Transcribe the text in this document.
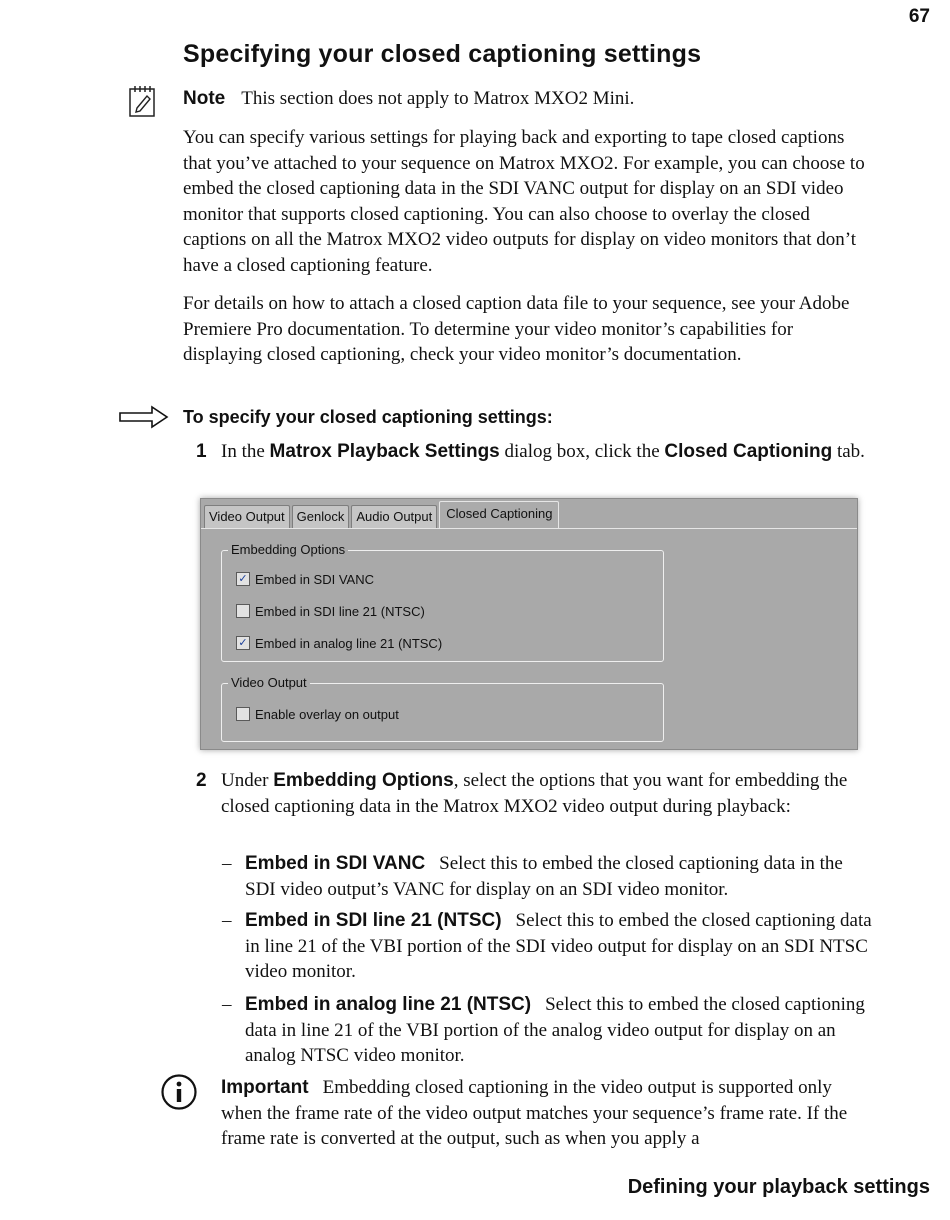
67
Specifying your closed captioning settings
Note This section does not apply to Matrox MXO2 Mini.

You can specify various settings for playing back and exporting to tape closed captions that you’ve attached to your sequence on Matrox MXO2. For example, you can choose to embed the closed captioning data in the SDI VANC output for display on an SDI video monitor that supports closed captioning. You can also choose to overlay the closed captions on all the Matrox MXO2 video outputs for display on video monitors that don’t have a closed captioning feature.

For details on how to attach a closed caption data file to your sequence, see your Adobe Premiere Pro documentation. To determine your video monitor’s capabilities for displaying closed captioning, check your video monitor’s documentation.

To specify your closed captioning settings:
1 In the Matrox Playback Settings dialog box, click the Closed Captioning tab.
Video Output Genlock Audio Output	Closed Captioning
Embedding Options
✓ Embed in SDI VANC
Embed in SDI line 21 (NTSC)
✓ Embed in analog line 21 (NTSC)
Video Output
Enable overlay on output
2 Under Embedding Options, select the options that you want for embedding the closed captioning data in the Matrox MXO2 video output during playback:
– Embed in SDI VANC Select this to embed the closed captioning data in the SDI video output’s VANC for display on an SDI video monitor.
– Embed in SDI line 21 (NTSC) Select this to embed the closed captioning data in line 21 of the VBI portion of the SDI video output for display on an SDI NTSC video monitor.
– Embed in analog line 21 (NTSC) Select this to embed the closed captioning data in line 21 of the VBI portion of the analog video output for display on an analog NTSC video monitor.
Important Embedding closed captioning in the video output is supported only when the frame rate of the video output matches your sequence’s frame rate. If the frame rate is converted at the output, such as when you apply a
Defining your playback settings
